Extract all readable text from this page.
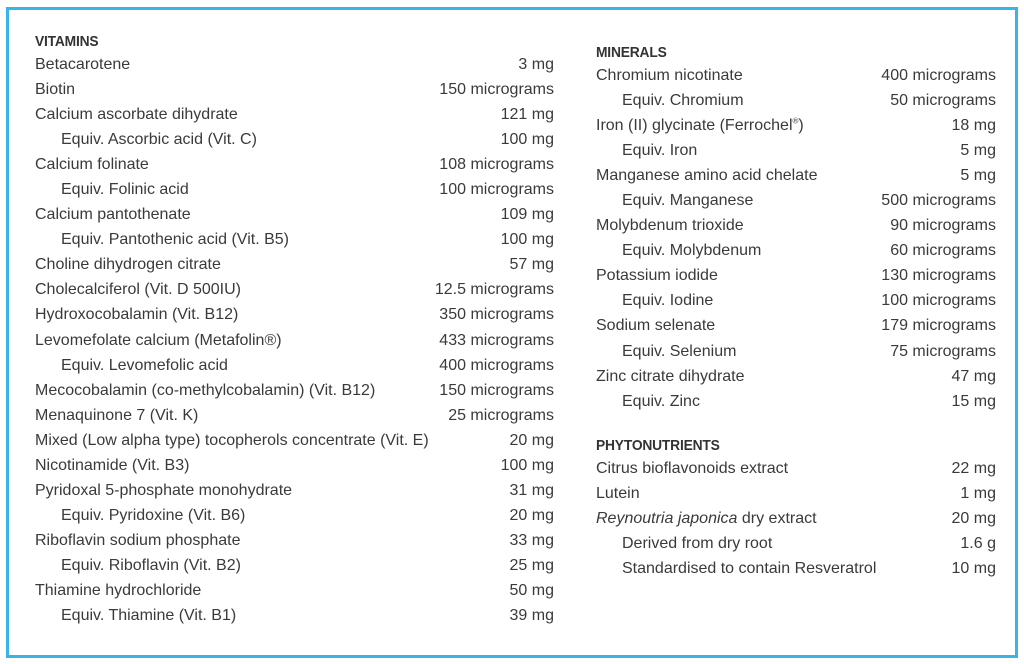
VITAMINS
Betacarotene	3 mg
Biotin	150 micrograms
Calcium ascorbate dihydrate	121 mg
Equiv. Ascorbic acid (Vit. C)	100 mg
Calcium folinate	108 micrograms
Equiv. Folinic acid	100 micrograms
Calcium pantothenate	109 mg
Equiv. Pantothenic acid (Vit. B5)	100 mg
Choline dihydrogen citrate	57 mg
Cholecalciferol (Vit. D 500IU)	12.5 micrograms
Hydroxocobalamin (Vit. B12)	350 micrograms
Levomefolate calcium (Metafolin®)	433 micrograms
Equiv. Levomefolic acid	400 micrograms
Mecocobalamin (co-methylcobalamin) (Vit. B12)	150 micrograms
Menaquinone 7 (Vit. K)	25 micrograms
Mixed (Low alpha type) tocopherols concentrate (Vit. E)	20 mg
Nicotinamide (Vit. B3)	100 mg
Pyridoxal 5-phosphate monohydrate	31 mg
Equiv. Pyridoxine (Vit. B6)	20 mg
Riboflavin sodium phosphate	33 mg
Equiv. Riboflavin (Vit. B2)	25 mg
Thiamine hydrochloride	50 mg
Equiv. Thiamine (Vit. B1)	39 mg
MINERALS
Chromium nicotinate	400 micrograms
Equiv. Chromium	50 micrograms
Iron (II) glycinate (Ferrochel®)	18 mg
Equiv. Iron	5 mg
Manganese amino acid chelate	5 mg
Equiv. Manganese	500 micrograms
Molybdenum trioxide	90 micrograms
Equiv. Molybdenum	60 micrograms
Potassium iodide	130 micrograms
Equiv. Iodine	100 micrograms
Sodium selenate	179 micrograms
Equiv. Selenium	75 micrograms
Zinc citrate dihydrate	47 mg
Equiv. Zinc	15 mg
PHYTONUTRIENTS
Citrus bioflavonoids extract	22 mg
Lutein	1 mg
Reynoutria japonica dry extract	20 mg
Derived from dry root	1.6 g
Standardised to contain Resveratrol	10 mg
